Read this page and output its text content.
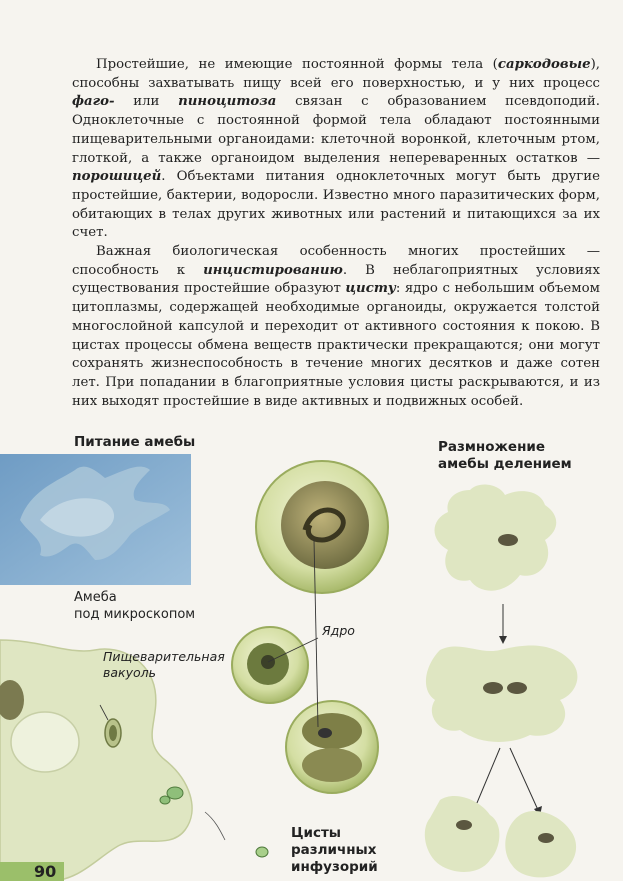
Простейшие, не имеющие постоянной формы тела (саркодовые), способны захватывать пищу всей его поверхностью, и у них процесс фаго- или пиноцитоза связан с образованием псевдоподий. Одноклеточные с постоянной формой тела обладают постоянными пищеварительными органоидами: клеточной воронкой, клеточным ртом, глоткой, а также органоидом выделения непереваренных остатков — порошицей. Объектами питания одноклеточных могут быть другие простейшие, бактерии, водоросли. Известно много паразитических форм, обитающих в телах других животных или растений и питающихся за их счет.

Важная биологическая особенность многих простейших — способность к инцистированию. В неблагоприятных условиях существования простейшие образуют цисту: ядро с небольшим объемом цитоплазмы, содержащей необходимые органоиды, окружается толстой многослойной капсулой и переходит от активного состояния к покою. В цистах процессы обмена веществ практически прекращаются; они могут сохранять жизнеспособность в течение многих десятков и даже сотен лет. При попадании в благоприятные условия цисты раскрываются, и из них выходят простейшие в виде активных и подвижных особей.

Питание амебы
Амеба
под микроскопом
Пищеварительная
вакуоль
Ядро
Цисты
различных
инфузорий
Размножение
амебы делением
90
